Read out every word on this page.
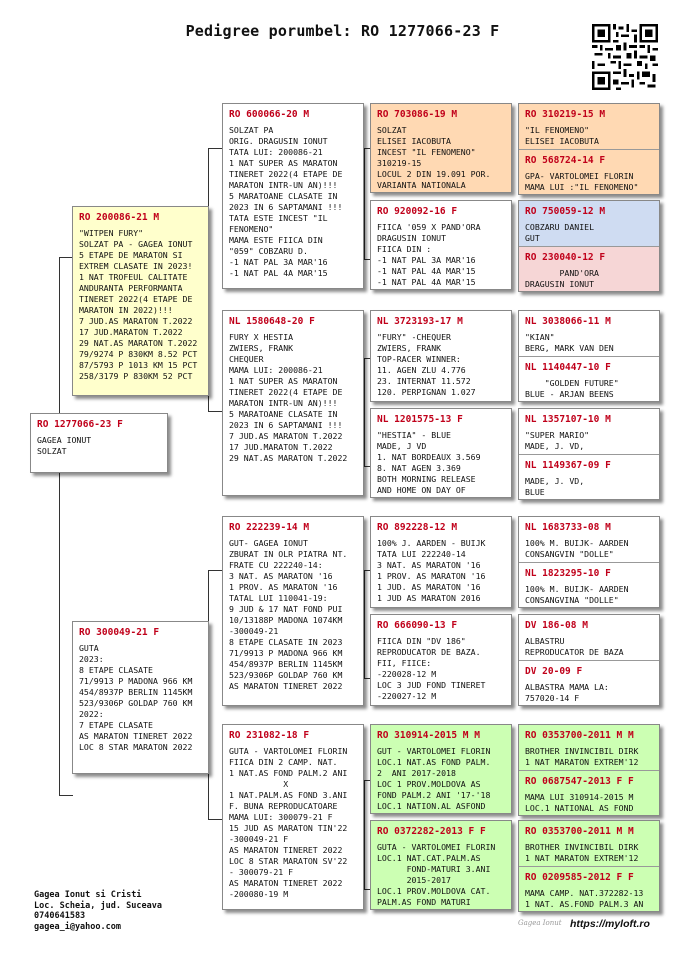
Pedigree porumbel: RO 1277066-23 F
RO 1277066-23 F
GAGEA IONUT
SOLZAT
RO 200086-21 M
"WITPEN FURY"
SOLZAT PA - GAGEA IONUT
5 ETAPE DE MARATON SI
EXTREM CLASATE IN 2023!
1 NAT TROFEUL CALITATE
ANDURANTA PERFORMANTA
TINERET 2022(4 ETAPE DE
MARATON IN 2022)!!!
7 JUD.AS MARATON T.2022
17 JUD.MARATON T.2022
29 NAT.AS MARATON T.2022
79/9274 P 830KM 8.52 PCT
87/5793 P 1013 KM 15 PCT
258/3179 P 830KM 52 PCT
RO 300049-21 F
GUTA
2023:
8 ETAPE CLASATE
71/9913 P MADONA 966 KM
454/8937P BERLIN 1145KM
523/9306P GOLDAP 760 KM
2022:
7 ETAPE CLASATE
AS MARATON TINERET 2022
LOC 8 STAR MARATON 2022
RO 600066-20 M
SOLZAT PA
ORIG. DRAGUSIN IONUT
TATA LUI: 200086-21
1 NAT SUPER AS MARATON
TINERET 2022(4 ETAPE DE
MARATON INTR-UN AN)!!!
5 MARATOANE CLASATE IN
2023 IN 6 SAPTAMANI !!!
TATA ESTE INCEST "IL
FENOMENO"
MAMA ESTE FIICA DIN
"059" COBZARU D.
-1 NAT PAL 3A MAR'16
-1 NAT PAL 4A MAR'15
NL 1580648-20 F
FURY X HESTIA
ZWIERS, FRANK
CHEQUER
MAMA LUI: 200086-21
1 NAT SUPER AS MARATON
TINERET 2022(4 ETAPE DE
MARATON INTR-UN AN)!!!
5 MARATOANE CLASATE IN
2023 IN 6 SAPTAMANI !!!
7 JUD.AS MARATON T.2022
17 JUD.MARATON T.2022
29 NAT.AS MARATON T.2022
RO 222239-14 M
GUT- GAGEA IONUT
ZBURAT IN OLR PIATRA NT.
FRATE CU 222240-14:
3 NAT. AS MARATON '16
1 PROV. AS MARATON '16
TATAL LUI 110041-19:
9 JUD & 17 NAT FOND PUI
10/13188P MADONA 1074KM
-300049-21
8 ETAPE CLASATE IN 2023
71/9913 P MADONA 966 KM
454/8937P BERLIN 1145KM
523/9306P GOLDAP 760 KM
AS MARATON TINERET 2022
RO 231082-18 F
GUTA - VARTOLOMEI FLORIN
FIICA DIN 2 CAMP. NAT.
1 NAT.AS FOND PALM.2 ANI
X
1 NAT.PALM.AS FOND 3.ANI
F. BUNA REPRODUCATOARE
MAMA LUI: 300079-21 F
15 JUD AS MARATON TIN'22
-300049-21 F
AS MARATON TINERET 2022
LOC 8 STAR MARATON SV'22
- 300079-21 F
AS MARATON TINERET 2022
-200080-19 M
RO 703086-19 M
SOLZAT
ELISEI IACOBUTA
INCEST "IL FENOMENO"
310219-15
LOCUL 2 DIN 19.091 POR.
VARIANTA NATIONALA
RO 920092-16 F
FIICA '059 X PAND'ORA
DRAGUSIN IONUT
FIICA DIN :
-1 NAT PAL 3A MAR'16
-1 NAT PAL 4A MAR'15
-1 NAT PAL 4A MAR'15
NL 3723193-17 M
"FURY" -CHEQUER
ZWIERS, FRANK
TOP-RACER WINNER:
11. AGEN ZLU 4.776
23. INTERNAT 11.572
120. PERPIGNAN 1.027
NL 1201575-13 F
"HESTIA" - BLUE
MADE, J VD
1. NAT BORDEAUX 3.569
8. NAT AGEN 3.369
BOTH MORNING RELEASE
AND HOME ON DAY OF
RO 892228-12 M
100% J. AARDEN - BUIJK
TATA LUI 222240-14
3 NAT. AS MARATON '16
1 PROV. AS MARATON '16
1 JUD. AS MARATON '16
1 JUD AS MARATON 2016
RO 666090-13 F
FIICA DIN "DV 186"
REPRODUCATOR DE BAZA.
FII, FIICE:
-220028-12 M
LOC 3 JUD FOND TINERET
-220027-12 M
RO 310914-2015 M M
GUT - VARTOLOMEI FLORIN
LOC.1 NAT.AS FOND PALM.
2  ANI 2017-2018
LOC 1 PROV.MOLDOVA AS
FOND PALM.2 ANI '17-'18
LOC.1 NATION.AL ASFOND
RO 0372282-2013 F F
GUTA - VARTOLOMEI FLORIN
LOC.1 NAT.CAT.PALM.AS
FOND-MATURI 3.ANI
2015-2017
LOC.1 PROV.MOLDOVA CAT.
PALM.AS FOND MATURI
RO 310219-15 M
"IL FENOMENO"
ELISEI IACOBUTA
RO 568724-14 F
GPA- VARTOLOMEI FLORIN
MAMA LUI :"IL FENOMENO"
RO 750059-12 M
COBZARU DANIEL
GUT
RO 230040-12 F
PAND'ORA
DRAGUSIN IONUT
NL 3038066-11 M
"KIAN"
BERG, MARK VAN DEN
NL 1140447-10 F
"GOLDEN FUTURE"
BLUE - ARJAN BEENS
NL 1357107-10 M
"SUPER MARIO"
MADE, J. VD,
NL 1149367-09 F
MADE, J. VD,
BLUE
NL 1683733-08 M
100% M. BUIJK- AARDEN
CONSANGVIN "DOLLE"
NL 1823295-10 F
100% M. BUIJK- AARDEN
CONSANGVINA "DOLLE"
DV 186-08 M
ALBASTRU
REPRODUCATOR DE BAZA
DV 20-09 F
ALBASTRA MAMA LA:
757020-14 F
RO 0353700-2011 M M
BROTHER INVINCIBIL DIRK
1 NAT MARATON EXTREM'12
RO 0687547-2013 F F
MAMA LUI 310914-2015 M
LOC.1 NATIONAL AS FOND
RO 0353700-2011 M M
BROTHER INVINCIBIL DIRK
1 NAT MARATON EXTREM'12
RO 0209585-2012 F F
MAMA CAMP. NAT.372282-13
1 NAT. AS.FOND PALM.3 AN
Gagea Ionut si Cristi
Loc. Scheia, jud. Suceava
0740641583
gagea_i@yahoo.com	Gagea Ionut https://myloft.ro
